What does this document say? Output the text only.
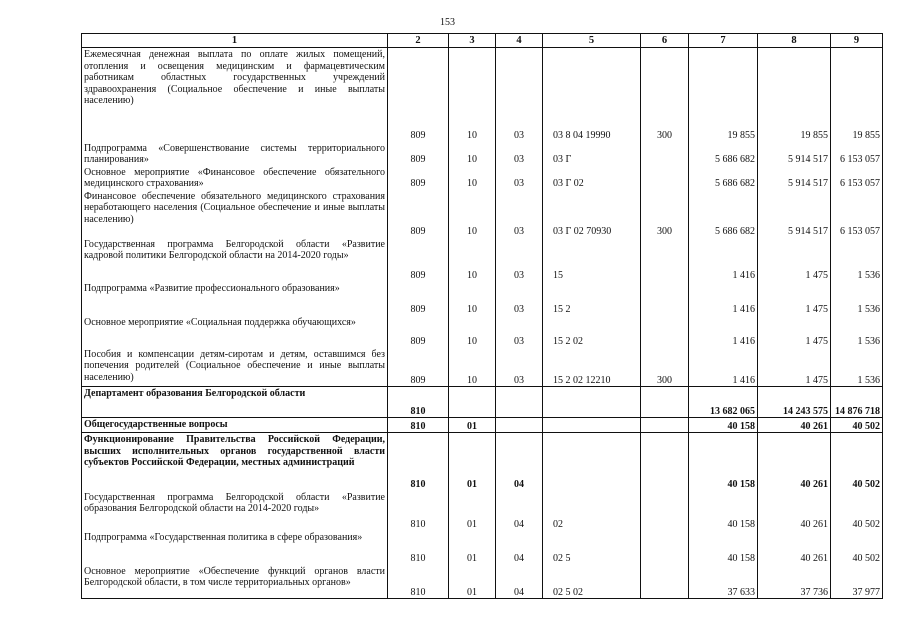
153
1	2	3	4	5	6	7	8	9
Ежемесячная денежная выплата по оплате жилых помещений, отопления и освещения медицинским и фармацевтическим работникам областных государственных учреждений здравоохранения (Социальное обеспечение и иные выплаты населению)	809	10	03	03 8 04 19990	300	19 855	19 855	19 855
Подпрограмма «Совершенствование системы территориального планирования»	809	10	03	03 Г		5 686 682	5 914 517	6 153 057
Основное мероприятие «Финансовое обеспечение обязательного медицинского страхования»	809	10	03	03 Г 02		5 686 682	5 914 517	6 153 057
Финансовое обеспечение обязательного медицинского страхования неработающего населения (Социальное обеспечение и иные выплаты населению)	809	10	03	03 Г 02 70930	300	5 686 682	5 914 517	6 153 057
Государственная программа Белгородской области «Развитие кадровой политики Белгородской области на 2014-2020 годы»	809	10	03	15		1 416	1 475	1 536
Подпрограмма «Развитие профессионального образования»	809	10	03	15 2		1 416	1 475	1 536
Основное мероприятие «Социальная поддержка обучающихся»	809	10	03	15 2 02		1 416	1 475	1 536
Пособия и компенсации детям-сиротам и детям, оставшимся без попечения родителей (Социальное обеспечение и иные выплаты населению)	809	10	03	15 2 02 12210	300	1 416	1 475	1 536
Департамент образования Белгородской области	810					13 682 065	14 243 575	14 876 718
Общегосударственные вопросы	810	01				40 158	40 261	40 502
Функционирование Правительства Российской Федерации, высших исполнительных органов государственной власти субъектов Российской Федерации, местных администраций	810	01	04			40 158	40 261	40 502
Государственная программа Белгородской области «Развитие образования Белгородской области на 2014-2020 годы»	810	01	04	02		40 158	40 261	40 502
Подпрограмма «Государственная политика в сфере образования»	810	01	04	02 5		40 158	40 261	40 502
Основное мероприятие «Обеспечение функций органов власти Белгородской области, в том числе территориальных органов»	810	01	04	02 5 02		37 633	37 736	37 977
